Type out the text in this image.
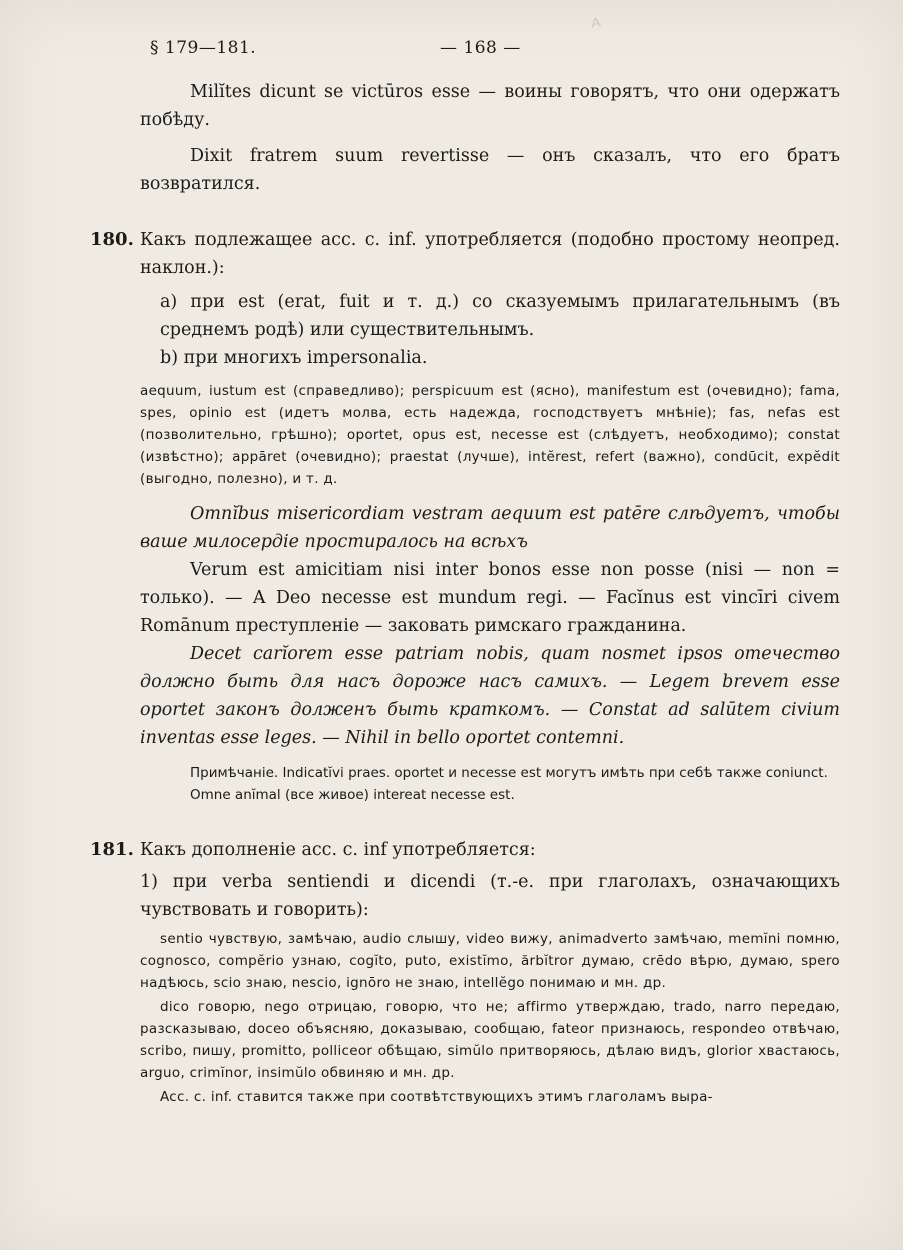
ᴬ
§ 179—181.	— 168 —

Milĭtes dicunt se victūros esse — воины говорятъ, что они одержатъ побѣду.

Dixit fratrem suum revertisse — онъ сказалъ, что его братъ возвратился.

180. Какъ подлежащее acc. c. inf. употребляется (подобно простому неопред. наклон.):

a) при est (erat, fuit и т. д.) со сказуемымъ прилагательнымъ (въ среднемъ родѣ) или существительнымъ.

b) при многихъ impersonalia.

aequum, iustum est (справедливо); perspicuum est (ясно), manifestum est (очевидно); fama, spes, opinio est (идетъ молва, есть надежда, господствуетъ мнѣніе); fas, nefas est (позволительно, грѣшно); oportet, opus est, necesse est (слѣдуетъ, необходимо); constat (извѣстно); appāret (очевидно); praestat (лучше), intĕrest, refert (важно), condūcit, expĕdit (выгодно, полезно), и т. д.

Omnĭbus misericordiam vestram aequum est patēre слѣдуетъ, чтобы ваше милосердіе простиралось на всѣхъ

Verum est amicitiam nisi inter bonos esse non posse (nisi — non = только). — A Deo necesse est mundum regi. — Facĭnus est vincīri civem Romānum преступленіе — заковать римскаго гражданина.

Decet carĭorem esse patriam nobis, quam nosmet ipsos отечество должно быть для насъ дороже насъ самихъ. — Legem brevem esse oportet законъ долженъ быть краткомъ. — Constat ad salūtem civium inventas esse leges. — Nihil in bello oportet contemni.

Примѣчаніе. Indicatĭvi praes. oportet и necesse est могутъ имѣть при себѣ также coniunct. Omne anĭmal (все живое) intereat necesse est.

181. Какъ дополненіе acc. c. inf употребляется:

1) при verba sentiendi и dicendi (т.-е. при глаголахъ, означающихъ чувствовать и говорить):

sentio чувствую, замѣчаю, audio слышу, video вижу, animadverto замѣчаю, memĭni помню, cognosco, compĕrio узнаю, cogĭto, puto, existĭmo, ărbĭtror думаю, crēdo вѣрю, думаю, spero надѣюсь, scio знаю, nescio, ignōro не знаю, intellĕgo понимаю и мн. др.

dico говорю, nego отрицаю, говорю, что не; affirmo утверждаю, trado, narro передаю, разсказываю, doceo объясняю, доказываю, сообщаю, fateor признаюсь, respondeo отвѣчаю, scribo, пишу, promitto, polliceor обѣщаю, simŭlo притворяюсь, дѣлаю видъ, glorior хвастаюсь, arguo, crimĭnor, insimŭlo обвиняю и мн. др.

Acc. c. inf. ставится также при соотвѣтствующихъ этимъ глаголамъ выра-
